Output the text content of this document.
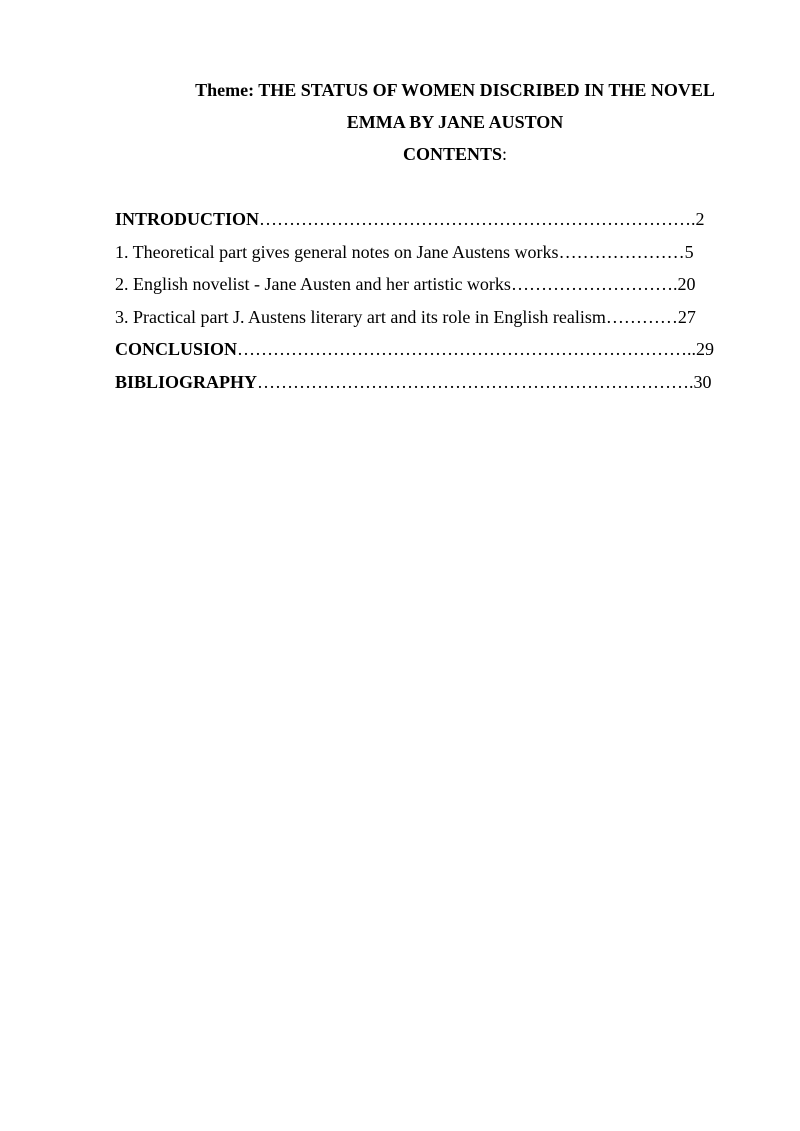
Theme: THE STATUS OF WOMEN DISCRIBED IN THE NOVEL
EMMA BY JANE AUSTON
CONTENTS:
INTRODUCTION……………………………………………………………….2
1. Theoretical part gives general notes on Jane Austens works…………………5
2. English novelist - Jane Austen and her artistic works……………………….20
3. Practical part J. Austens literary art and its role in English realism…………27
CONCLUSION…………………………………………………………………..29
BIBLIOGRAPHY……………………………………………………………….30
